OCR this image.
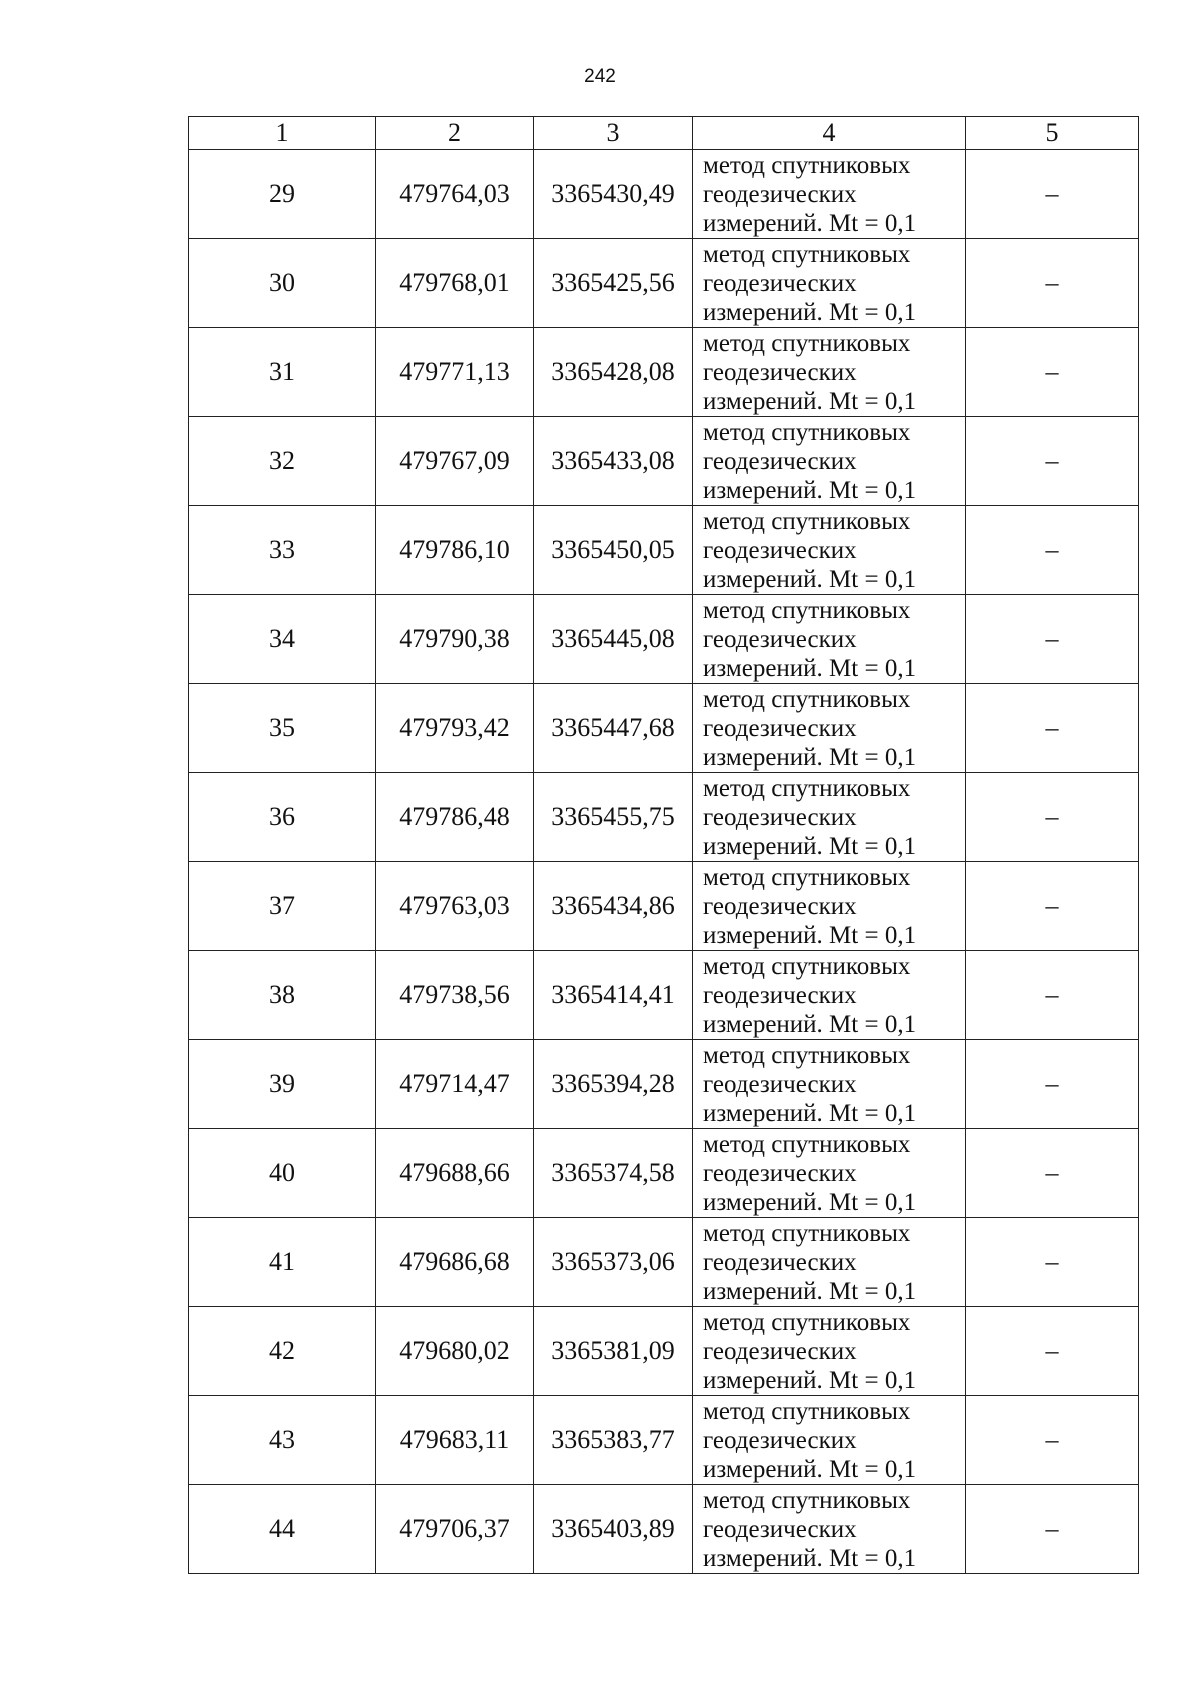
242
1	2	3	4	5
29	479764,03	3365430,49	метод спутниковых геодезических измерений. Mt = 0,1	–
30	479768,01	3365425,56	метод спутниковых геодезических измерений. Mt = 0,1	–
31	479771,13	3365428,08	метод спутниковых геодезических измерений. Mt = 0,1	–
32	479767,09	3365433,08	метод спутниковых геодезических измерений. Mt = 0,1	–
33	479786,10	3365450,05	метод спутниковых геодезических измерений. Mt = 0,1	–
34	479790,38	3365445,08	метод спутниковых геодезических измерений. Mt = 0,1	–
35	479793,42	3365447,68	метод спутниковых геодезических измерений. Mt = 0,1	–
36	479786,48	3365455,75	метод спутниковых геодезических измерений. Mt = 0,1	–
37	479763,03	3365434,86	метод спутниковых геодезических измерений. Mt = 0,1	–
38	479738,56	3365414,41	метод спутниковых геодезических измерений. Mt = 0,1	–
39	479714,47	3365394,28	метод спутниковых геодезических измерений. Mt = 0,1	–
40	479688,66	3365374,58	метод спутниковых геодезических измерений. Mt = 0,1	–
41	479686,68	3365373,06	метод спутниковых геодезических измерений. Mt = 0,1	–
42	479680,02	3365381,09	метод спутниковых геодезических измерений. Mt = 0,1	–
43	479683,11	3365383,77	метод спутниковых геодезических измерений. Mt = 0,1	–
44	479706,37	3365403,89	метод спутниковых геодезических измерений. Mt = 0,1	–
